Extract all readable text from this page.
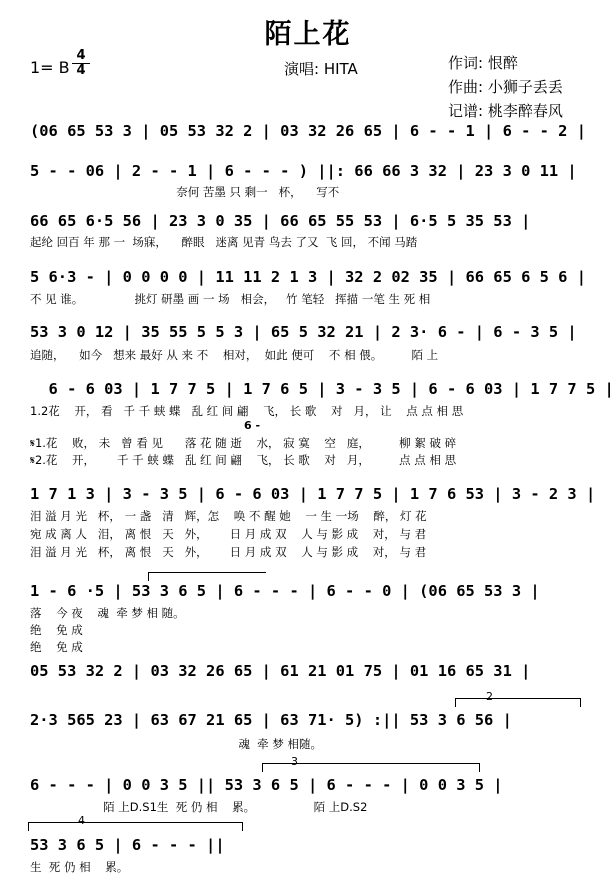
陌上花
1= B
4
4	演唱: HITA	作词: 恨醉
作曲: 小狮子丢丢
记谱: 桃李醉春风
(06 65 53 3 | 05 53 32 2 | 03 32 26 65 | 6 - - 1 | 6 - - 2 |
5 - - 06 | 2 - - 1 | 6 - - - ) ||: 66 66 3 32 | 23 3 0 11 |
奈何 苦墨 只 剩一   杯，    写不
66 65 6·5 56 | 23 3 0 35 | 66 65 55 53 | 6·5 5 35 53 |
起纶 回百 年 那 一  场寐，    醉眼   迷离 见青 鸟去 了又  飞 回， 不闻 马踏
5 6·3 - | 0 0 0 0 | 11 11 2 1 3 | 32 2 02 35 | 66 65 6 5 6 |
不 见 谁。              挑灯 研墨 画 一 场   相会，   竹 笔轻   挥描 一笔 生 死 相
53 3 0 12 | 35 55 5 5 3 | 65 5 32 21 | 2 3· 6 - | 6 - 3 5 |
追随，    如今   想来 最好 从 来 不    相对，  如此 便可    不 相 偎。        陌 上
6 - 6 03 | 1 7 7 5 | 1 7 6 5 | 3 - 3 5 | 6 - 6 03 | 1 7 7 5 |
1.2花    开， 看   千 千 蛱 蝶   乱 红 间 翩    飞， 长 歌    对   月， 让    点 点 相 思
6 -
𝄋1.花    败， 未   曾 看 见      落 花 随 逝    水， 寂 寞    空   庭，        柳 絮 破 碎
𝄋2.花    开，      千 千 蛱 蝶   乱 红 间 翩    飞， 长 歌    对   月，        点 点 相 思
1 7 1 3 | 3 - 3 5 | 6 - 6 03 | 1 7 7 5 | 1 7 6 53 | 3 - 2 3 |
泪 溢 月 光   杯， 一 盏   清   辉，怎    唤 不 醒 她    一 生 一场    醉， 灯 花
宛 成 离 人   泪， 离 恨   天   外，      日 月 成 双    人 与 影 成    对， 与 君
泪 溢 月 光   杯， 离 恨   天   外，      日 月 成 双    人 与 影 成    对， 与 君
1 - 6 ·5 | 53 3 6 5 | 6 - - - | 6 - - 0 | (06 65 53 3 |
落    今 夜    魂  牵 梦 相 随。
绝    免 成
绝    免 成
05 53 32 2 | 03 32 26 65 | 61 21 01 75 | 01 16 65 31 |
2
2·3 565 23 | 63 67 21 65 | 63 71· 5) :|| 53 3 6 56 |
魂  牵 梦 相随。
3
6 - - - | 0 0 3 5 || 53 3 6 5 | 6 - - - | 0 0 3 5 |
陌 上D.S1生  死 仍 相    累。                陌 上D.S2
4
53 3 6 5 | 6 - - - ||
生  死 仍 相    累。
